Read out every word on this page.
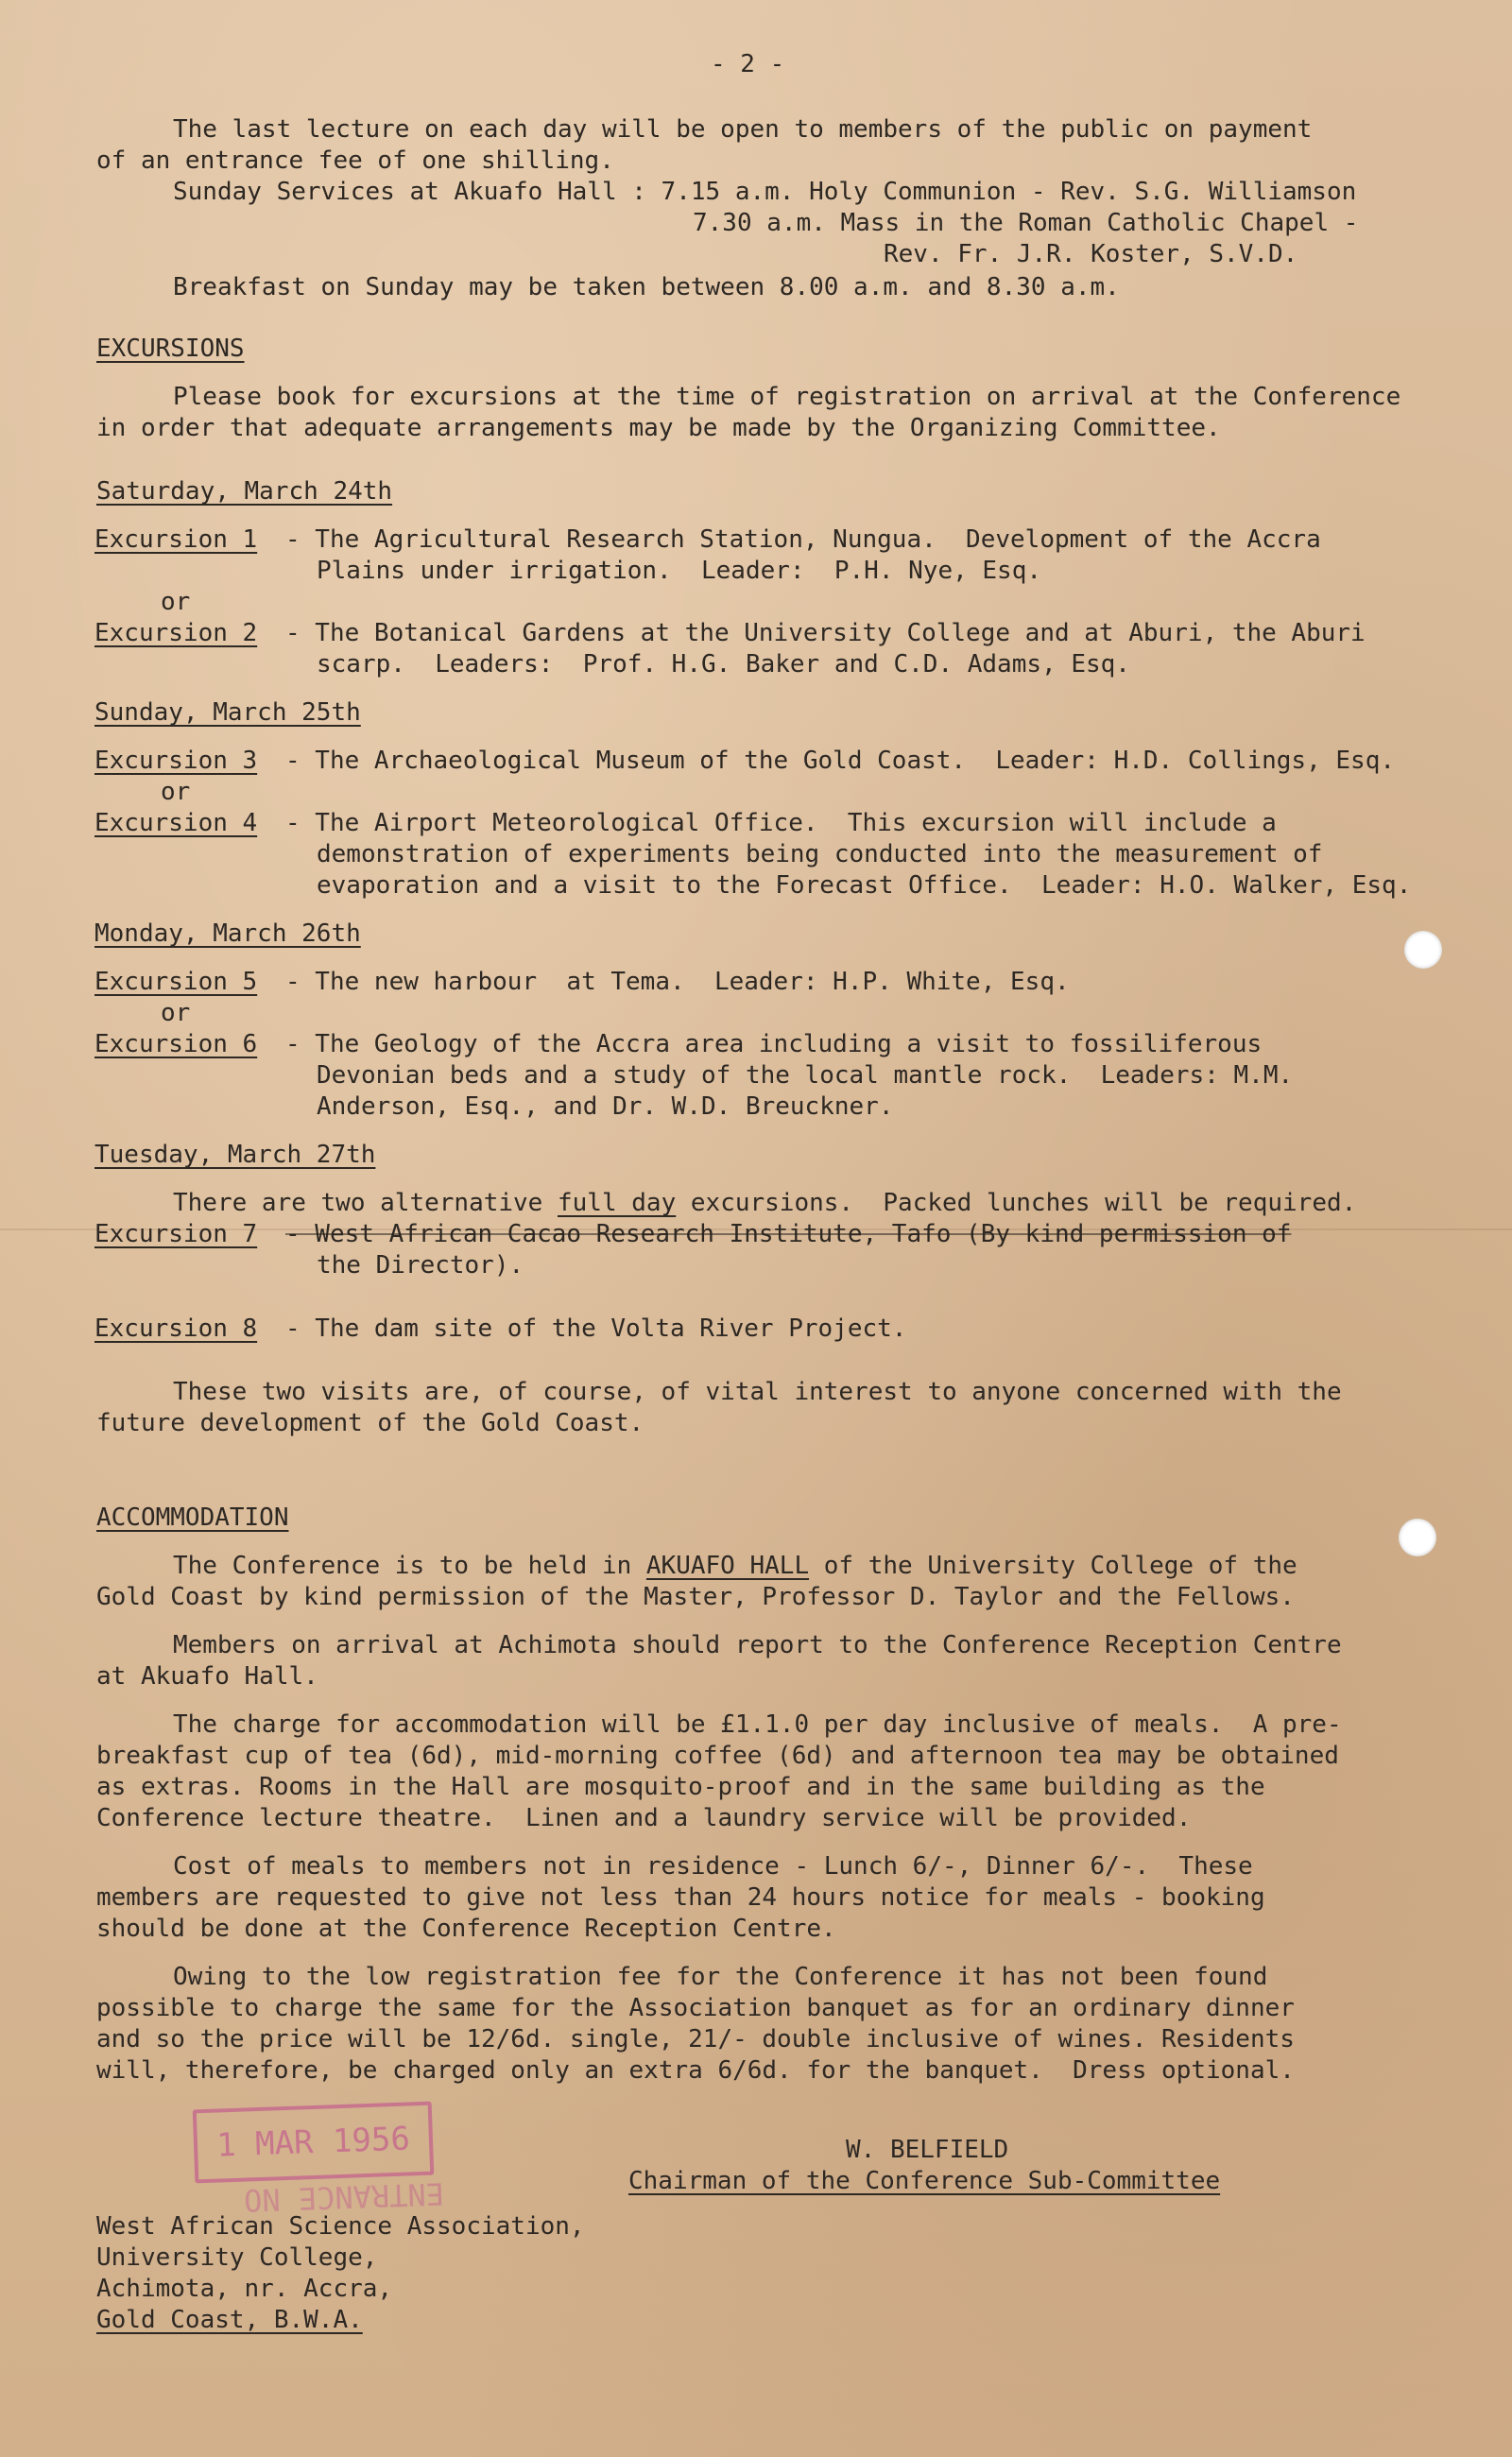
- 2 -

The last lecture on each day will be open to members of the public on payment

of an entrance fee of one shilling.

Sunday Services at Akuafo Hall : 7.15 a.m. Holy Communion - Rev. S.G. Williamson

7.30 a.m. Mass in the Roman Catholic Chapel -

Rev. Fr. J.R. Koster, S.V.D.

Breakfast on Sunday may be taken between 8.00 a.m. and 8.30 a.m.

EXCURSIONS

Please book for excursions at the time of registration on arrival at the Conference

in order that adequate arrangements may be made by the Organizing Committee.

Saturday, March 24th

Excursion 1 - The Agricultural Research Station, Nungua.  Development of the Accra

Plains under irrigation.  Leader:  P.H. Nye, Esq.

or

Excursion 2 - The Botanical Gardens at the University College and at Aburi, the Aburi

scarp.  Leaders:  Prof. H.G. Baker and C.D. Adams, Esq.

Sunday, March 25th

Excursion 3 - The Archaeological Museum of the Gold Coast.  Leader: H.D. Collings, Esq.

or

Excursion 4 - The Airport Meteorological Office.  This excursion will include a

demonstration of experiments being conducted into the measurement of

evaporation and a visit to the Forecast Office.  Leader: H.O. Walker, Esq.

Monday, March 26th

Excursion 5 - The new harbour  at Tema.  Leader: H.P. White, Esq.

or

Excursion 6 - The Geology of the Accra area including a visit to fossiliferous

Devonian beds and a study of the local mantle rock.  Leaders: M.M.

Anderson, Esq., and Dr. W.D. Breuckner.

Tuesday, March 27th

There are two alternative full day excursions.  Packed lunches will be required.

Excursion 7 - West African Cacao Research Institute, Tafo (By kind permission of

the Director).

Excursion 8 - The dam site of the Volta River Project.

These two visits are, of course, of vital interest to anyone concerned with the

future development of the Gold Coast.

ACCOMMODATION

The Conference is to be held in AKUAFO HALL of the University College of the

Gold Coast by kind permission of the Master, Professor D. Taylor and the Fellows.

Members on arrival at Achimota should report to the Conference Reception Centre

at Akuafo Hall.

The charge for accommodation will be £1.1.0 per day inclusive of meals.  A pre-

breakfast cup of tea (6d), mid-morning coffee (6d) and afternoon tea may be obtained

as extras. Rooms in the Hall are mosquito-proof and in the same building as the

Conference lecture theatre.  Linen and a laundry service will be provided.

Cost of meals to members not in residence - Lunch 6/-, Dinner 6/-.  These

members are requested to give not less than 24 hours notice for meals - booking

should be done at the Conference Reception Centre.

Owing to the low registration fee for the Conference it has not been found

possible to charge the same for the Association banquet as for an ordinary dinner

and so the price will be 12/6d. single, 21/- double inclusive of wines. Residents

will, therefore, be charged only an extra 6/6d. for the banquet.  Dress optional.

1 MAR 1956
ENTRANCE NO

W. BELFIELD

Chairman of the Conference Sub-Committee

West African Science Association,

University College,

Achimota, nr. Accra,

Gold Coast, B.W.A.
